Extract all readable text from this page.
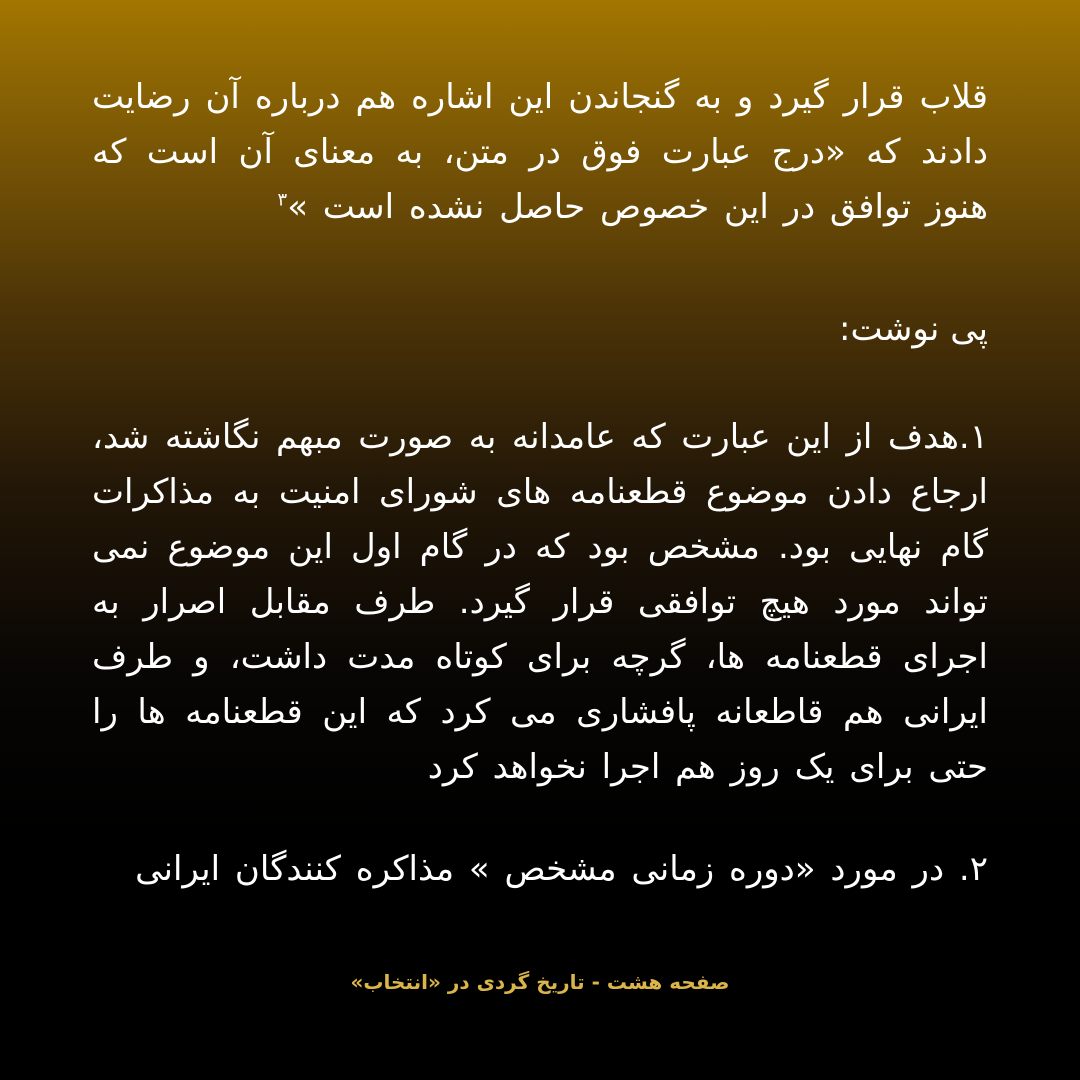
قلاب قرار گیرد و به گنجاندن این اشاره هم درباره آن رضایت دادند که «درج عبارت فوق در متن، به معنای آن است که هنوز توافق در این خصوص حاصل نشده است »$^۳$

پی نوشت:

۱.هدف از این عبارت که عامدانه به صورت مبهم نگاشته شد، ارجاع دادن موضوع قطعنامه های شورای امنیت به مذاکرات گام نهایی بود. مشخص بود که در گام اول این موضوع نمی تواند مورد هیچ توافقی قرار گیرد. طرف مقابل اصرار به اجرای قطعنامه ها، گرچه برای کوتاه مدت داشت، و طرف ایرانی هم قاطعانه پافشاری می کرد که این قطعنامه ها را حتی برای یک روز هم اجرا نخواهد کرد

۲. در مورد «دوره زمانی مشخص » مذاکره کنندگان ایرانی

صفحه هشت - تاریخ گردی در «انتخاب»
